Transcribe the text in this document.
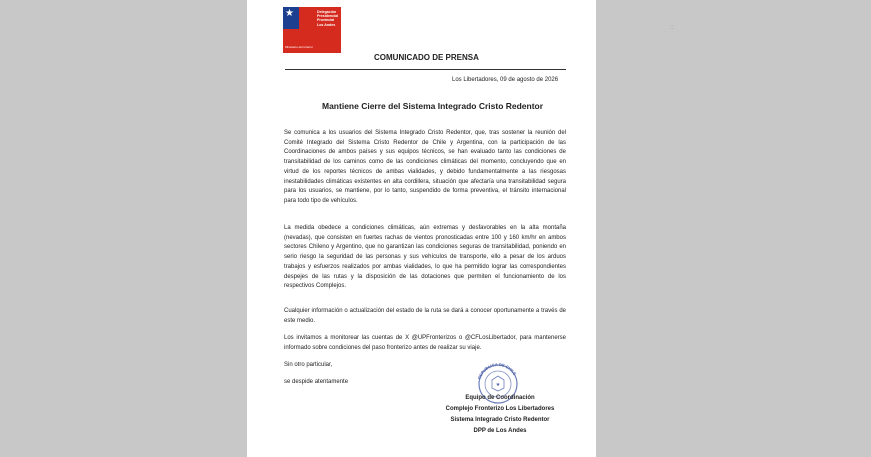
::
★	Delegación
Presidencial
Provincial
Los Andes
Ministerio del Interior
COMUNICADO DE PRENSA
Los Libertadores, 09 de agosto de 2026
Mantiene Cierre del Sistema Integrado Cristo Redentor

Se comunica a los usuarios del Sistema Integrado Cristo Redentor, que, tras sostener la reunión del Comité Integrado del Sistema Cristo Redentor de Chile y Argentina, con la participación de las Coordinaciones de ambos países y sus equipos técnicos, se han evaluado tanto las condiciones de transitabilidad de los caminos como de las condiciones climáticas del momento, concluyendo que en virtud de los reportes técnicos de ambas vialidades, y debido fundamentalmente a las riesgosas inestabilidades climáticas existentes en alta cordillera, situación que afectaría una transitabilidad segura para los usuarios, se mantiene, por lo tanto, suspendido de forma preventiva, el tránsito internacional para todo tipo de vehículos.

La medida obedece a condiciones climáticas, aún extremas y desfavorables en la alta montaña (nevadas), que consisten en fuertes rachas de vientos pronosticadas entre 100 y 160 km/hr en ambos sectores Chileno y Argentino, que no garantizan las condiciones seguras de transitabilidad, poniendo en serio riesgo la seguridad de las personas y sus vehículos de transporte, ello a pesar de los arduos trabajos y esfuerzos realizados por ambas vialidades, lo que ha permitido lograr las correspondientes despejes de las rutas y la disposición de las dotaciones que permiten el funcionamiento de los respectivos Complejos.

Cualquier información o actualización del estado de la ruta se dará a conocer oportunamente a través de este medio.

Los invitamos a monitorear las cuentas de X @UPFronterizos o @CFLosLibertador, para mantenerse informado sobre condiciones del paso fronterizo antes de realizar su viaje.

Sin otro particular,
se despide atentamente
REPUBLICA DE CHILE
★
Equipo de Coordinación
Complejo Fronterizo Los Libertadores
Sistema Integrado Cristo Redentor
DPP de Los Andes
